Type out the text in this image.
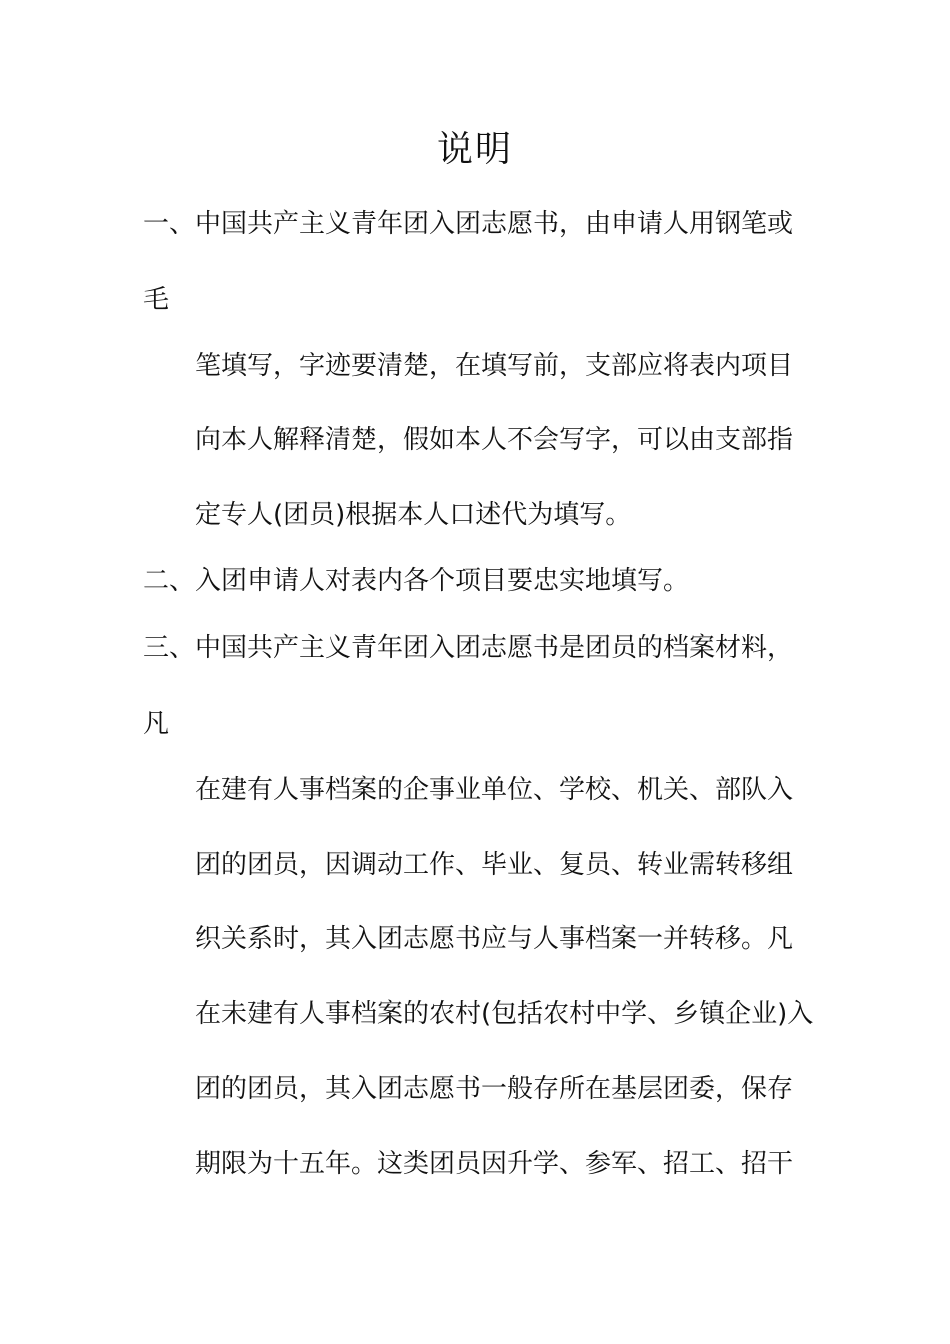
说明
一、中国共产主义青年团入团志愿书，由申请人用钢笔或
毛
笔填写，字迹要清楚，在填写前，支部应将表内项目
向本人解释清楚，假如本人不会写字，可以由支部指
定专人(团员)根据本人口述代为填写。
二、入团申请人对表内各个项目要忠实地填写。
三、中国共产主义青年团入团志愿书是团员的档案材料，
凡
在建有人事档案的企事业单位、学校、机关、部队入
团的团员，因调动工作、毕业、复员、转业需转移组
织关系时，其入团志愿书应与人事档案一并转移。凡
在未建有人事档案的农村(包括农村中学、乡镇企业)入
团的团员，其入团志愿书一般存所在基层团委，保存
期限为十五年。这类团员因升学、参军、招工、招干
